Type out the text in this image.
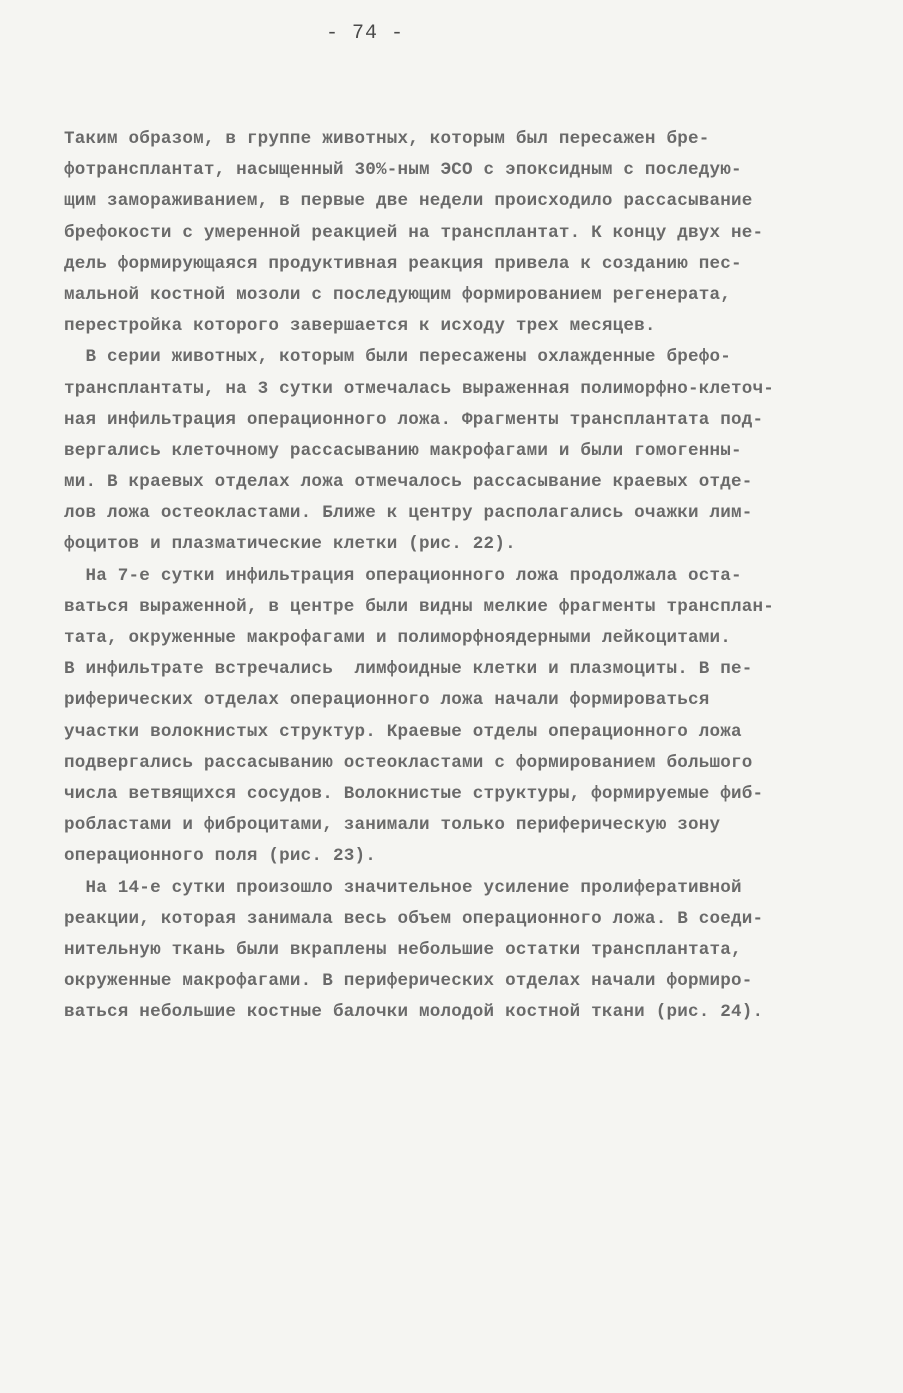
- 74 -
Таким образом, в группе животных, которым был пересажен бре-
фотрансплантат, насыщенный 30%-ным ЭСО с эпоксидным с последую-
щим замораживанием, в первые две недели происходило рассасывание
брефокости с умеренной реакцией на трансплантат. К концу двух не-
дель формирующаяся продуктивная реакция привела к созданию пес-
мальной костной мозоли с последующим формированием регенерата,
перестройка которого завершается к исходу трех месяцев.
В серии животных, которым были пересажены охлажденные брефо-
трансплантаты, на 3 сутки отмечалась выраженная полиморфно-клеточ-
ная инфильтрация операционного ложа. Фрагменты трансплантата под-
вергались клеточному рассасыванию макрофагами и были гомогенны-
ми. В краевых отделах ложа отмечалось рассасывание краевых отде-
лов ложа остеокластами. Ближе к центру располагались очажки лим-
фоцитов и плазматические клетки (рис. 22).
На 7-е сутки инфильтрация операционного ложа продолжала оста-
ваться выраженной, в центре были видны мелкие фрагменты трансплан-
тата, окруженные макрофагами и полиморфноядерными лейкоцитами.
В инфильтрате встречались  лимфоидные клетки и плазмоциты. В пе-
риферических отделах операционного ложа начали формироваться
участки волокнистых структур. Краевые отделы операционного ложа
подвергались рассасыванию остеокластами с формированием большого
числа ветвящихся сосудов. Волокнистые структуры, формируемые фиб-
робластами и фиброцитами, занимали только периферическую зону
операционного поля (рис. 23).
На 14-е сутки произошло значительное усиление пролиферативной
реакции, которая занимала весь объем операционного ложа. В соеди-
нительную ткань были вкраплены небольшие остатки трансплантата,
окруженные макрофагами. В периферических отделах начали формиро-
ваться небольшие костные балочки молодой костной ткани (рис. 24).
